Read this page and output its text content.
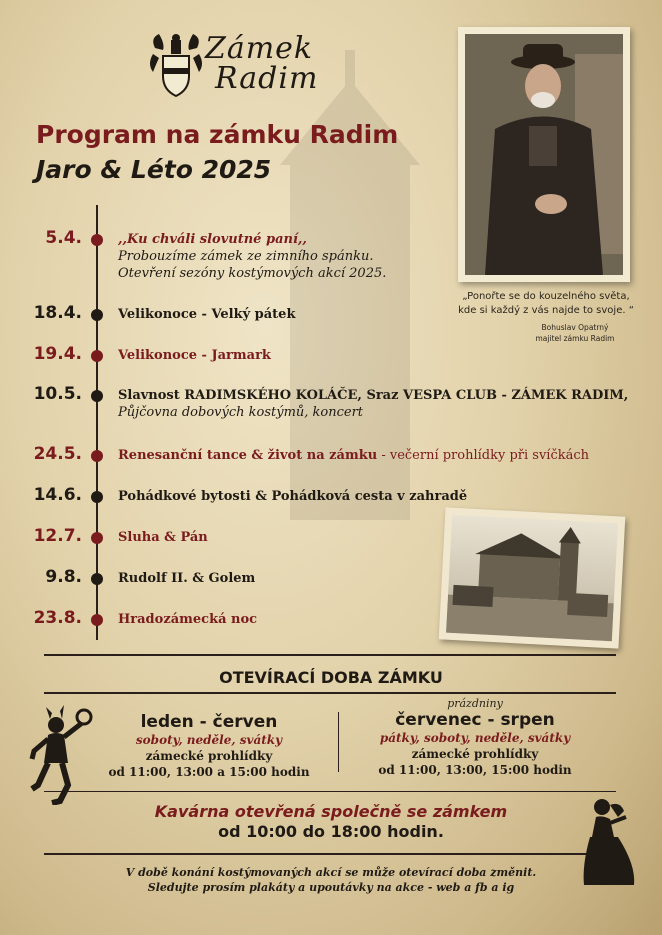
Zámek
Radim
Program na zámku Radim
Jaro & Léto 2025
„Ponořte se do kouzelného světa, kde si každý z vás najde to svoje. “
Bohuslav Opatrný
majitel zámku Radim
5.4.	,,Ku chváli slovutné paní,,
Probouzíme zámek ze zimního spánku.
Otevření sezóny kostýmových akcí 2025.
18.4.	Velikonoce - Velký pátek
19.4.	Velikonoce - Jarmark
10.5.	Slavnost RADIMSKÉHO KOLÁČE, Sraz VESPA CLUB - ZÁMEK RADIM,
Půjčovna dobových kostýmů, koncert
24.5.	Renesanční tance & život na zámku - večerní prohlídky při svíčkách
14.6.	Pohádkové bytosti & Pohádková cesta v zahradě
12.7.	Sluha & Pán
9.8.	Rudolf II. & Golem
23.8.	Hradozámecká noc
OTEVÍRACÍ DOBA ZÁMKU
leden - červen
soboty, neděle, svátky
zámecké prohlídky
od 11:00, 13:00 a 15:00 hodin
prázdniny
červenec - srpen
pátky, soboty, neděle, svátky
zámecké prohlídky
od 11:00, 13:00, 15:00 hodin
Kavárna otevřená společně se zámkem
od 10:00 do 18:00 hodin.
V době konání kostýmovaných akcí se může otevírací doba změnit.
Sledujte prosím plakáty a upoutávky na akce - web a fb a ig
